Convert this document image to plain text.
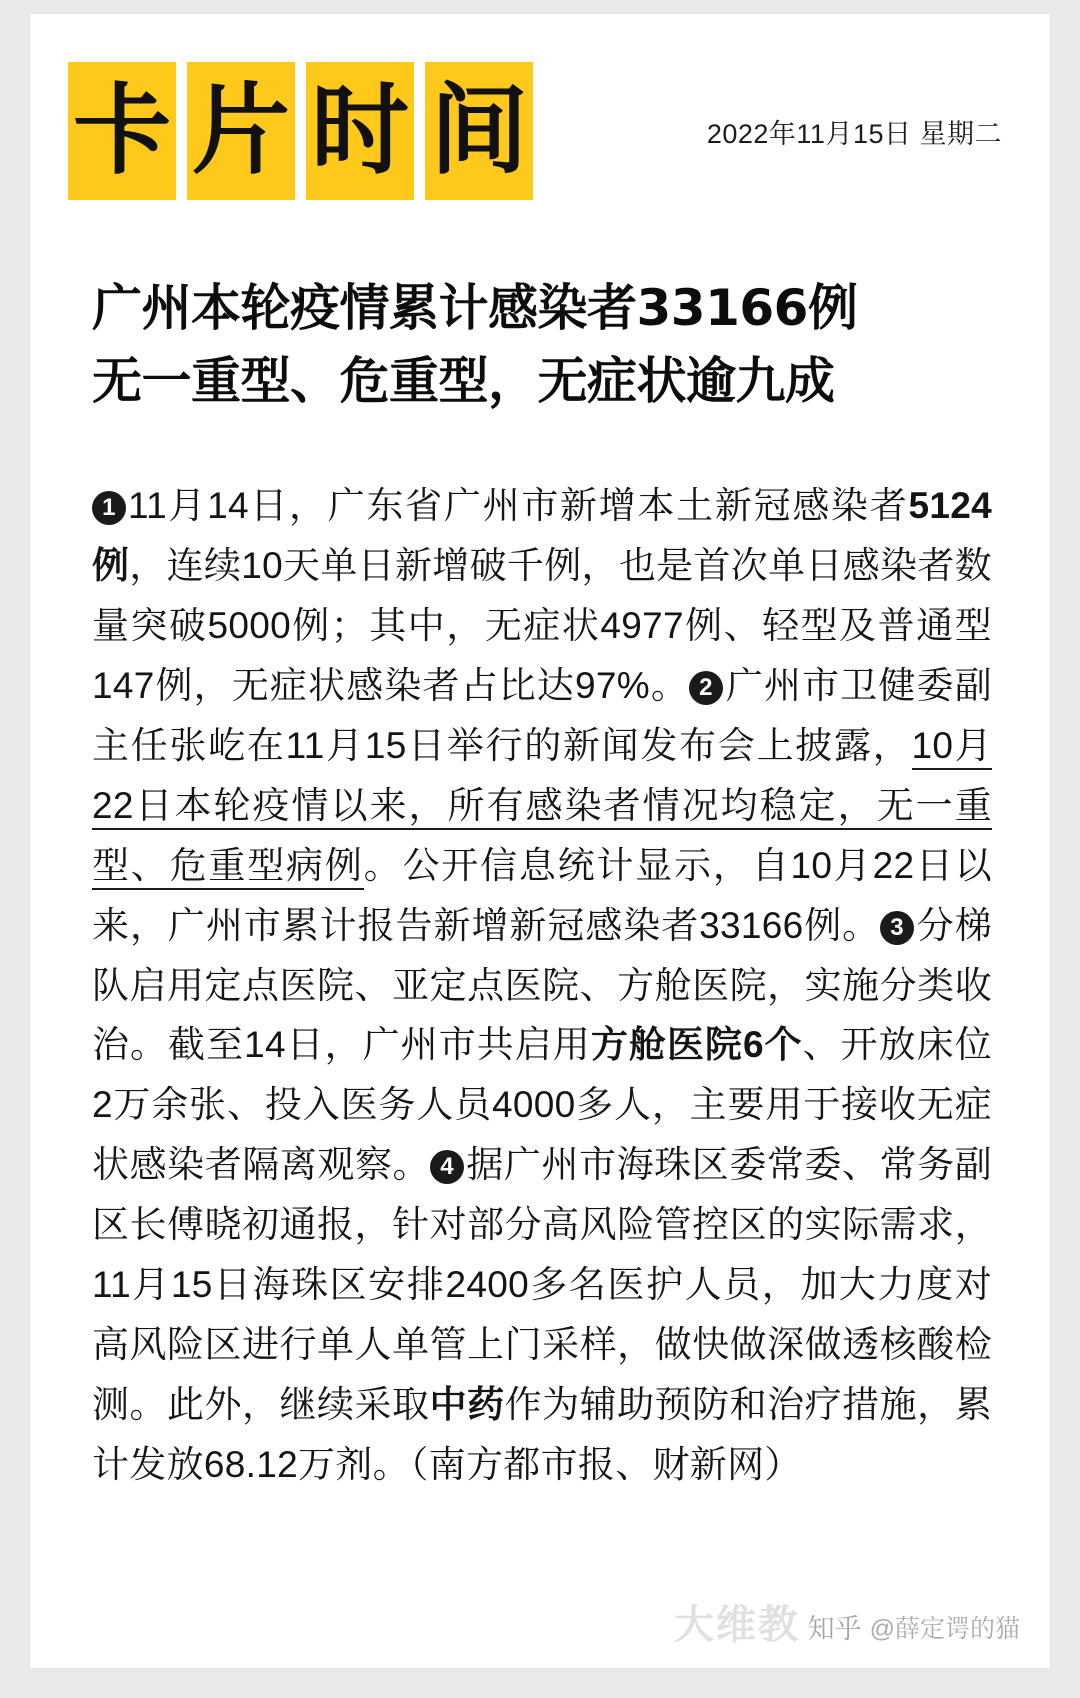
卡 片 时 间	2022年11月15日 星期二
广州本轮疫情累计感染者33166例
无一重型、危重型，无症状逾九成
1 11月14日，广东省广州市新增本土新冠感染者5124例，连续10天单日新增破千例，也是首次单日感染者数量突破5000例；其中，无症状4977例、轻型及普通型147例，无症状感染者占比达97%。 2 广州市卫健委副主任张屹在11月15日举行的新闻发布会上披露，10月22日本轮疫情以来，所有感染者情况均稳定，无一重型、危重型病例。公开信息统计显示，自10月22日以来，广州市累计报告新增新冠感染者33166例。 3 分梯队启用定点医院、亚定点医院、方舱医院，实施分类收治。截至14日，广州市共启用方舱医院6个、开放床位2万余张、投入医务人员4000多人，主要用于接收无症状感染者隔离观察。 4 据广州市海珠区委常委、常务副区长傅晓初通报，针对部分高风险管控区的实际需求，11月15日海珠区安排2400多名医护人员，加大力度对高风险区进行单人单管上门采样，做快做深做透核酸检测。此外，继续采取中药作为辅助预防和治疗措施，累计发放68.12万剂。（南方都市报、财新网）
大维教 知乎 @薛定谔的猫
